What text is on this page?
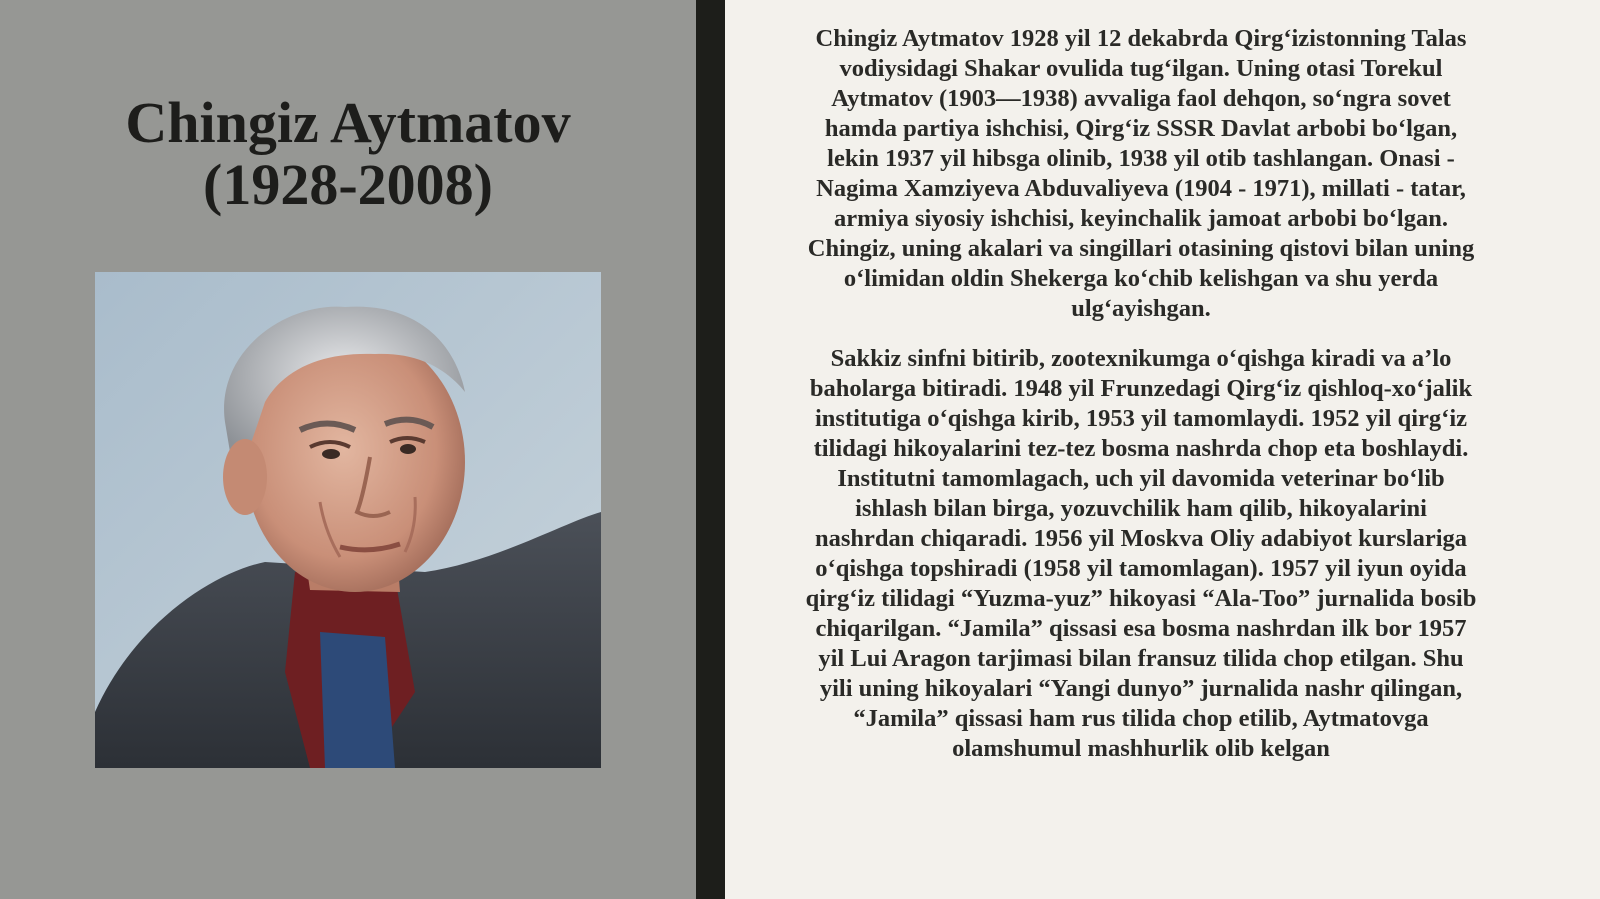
Chingiz Aytmatov
(1928-2008)

Chingiz Aytmatov 1928 yil 12 dekabrda Qirg‘izistonning Talas vodiysidagi Shakar ovulida tug‘ilgan. Uning otasi Torekul Aytmatov (1903—1938) avvaliga faol dehqon, so‘ngra sovet hamda partiya ishchisi, Qirg‘iz SSSR Davlat arbobi bo‘lgan, lekin 1937 yil hibsga olinib, 1938 yil otib tashlangan. Onasi - Nagima Xamziyeva Abduvaliyeva (1904 - 1971), millati - tatar, armiya siyosiy ishchisi, keyinchalik jamoat arbobi bo‘lgan. Chingiz, uning akalari va singillari otasining qistovi bilan uning o‘limidan oldin Shekerga ko‘chib kelishgan va shu yerda ulg‘ayishgan.

Sakkiz sinfni bitirib, zootexnikumga o‘qishga kiradi va a’lo baholarga bitiradi. 1948 yil Frunzedagi Qirg‘iz qishloq-xo‘jalik institutiga o‘qishga kirib, 1953 yil tamomlaydi. 1952 yil qirg‘iz tilidagi hikoyalarini tez-tez bosma nashrda chop eta boshlaydi. Institutni tamomlagach, uch yil davomida veterinar bo‘lib ishlash bilan birga, yozuvchilik ham qilib, hikoyalarini nashrdan chiqaradi. 1956 yil Moskva Oliy adabiyot kurslariga o‘qishga topshiradi (1958 yil tamomlagan). 1957 yil iyun oyida qirg‘iz tilidagi “Yuzma-yuz” hikoyasi “Ala-Too” jurnalida bosib chiqarilgan. “Jamila” qissasi esa bosma nashrdan ilk bor 1957 yil Lui Aragon tarjimasi bilan fransuz tilida chop etilgan. Shu yili uning hikoyalari “Yangi dunyo” jurnalida nashr qilingan, “Jamila” qissasi ham rus tilida chop etilib, Aytmatovga olamshumul mashhurlik olib kelgan
